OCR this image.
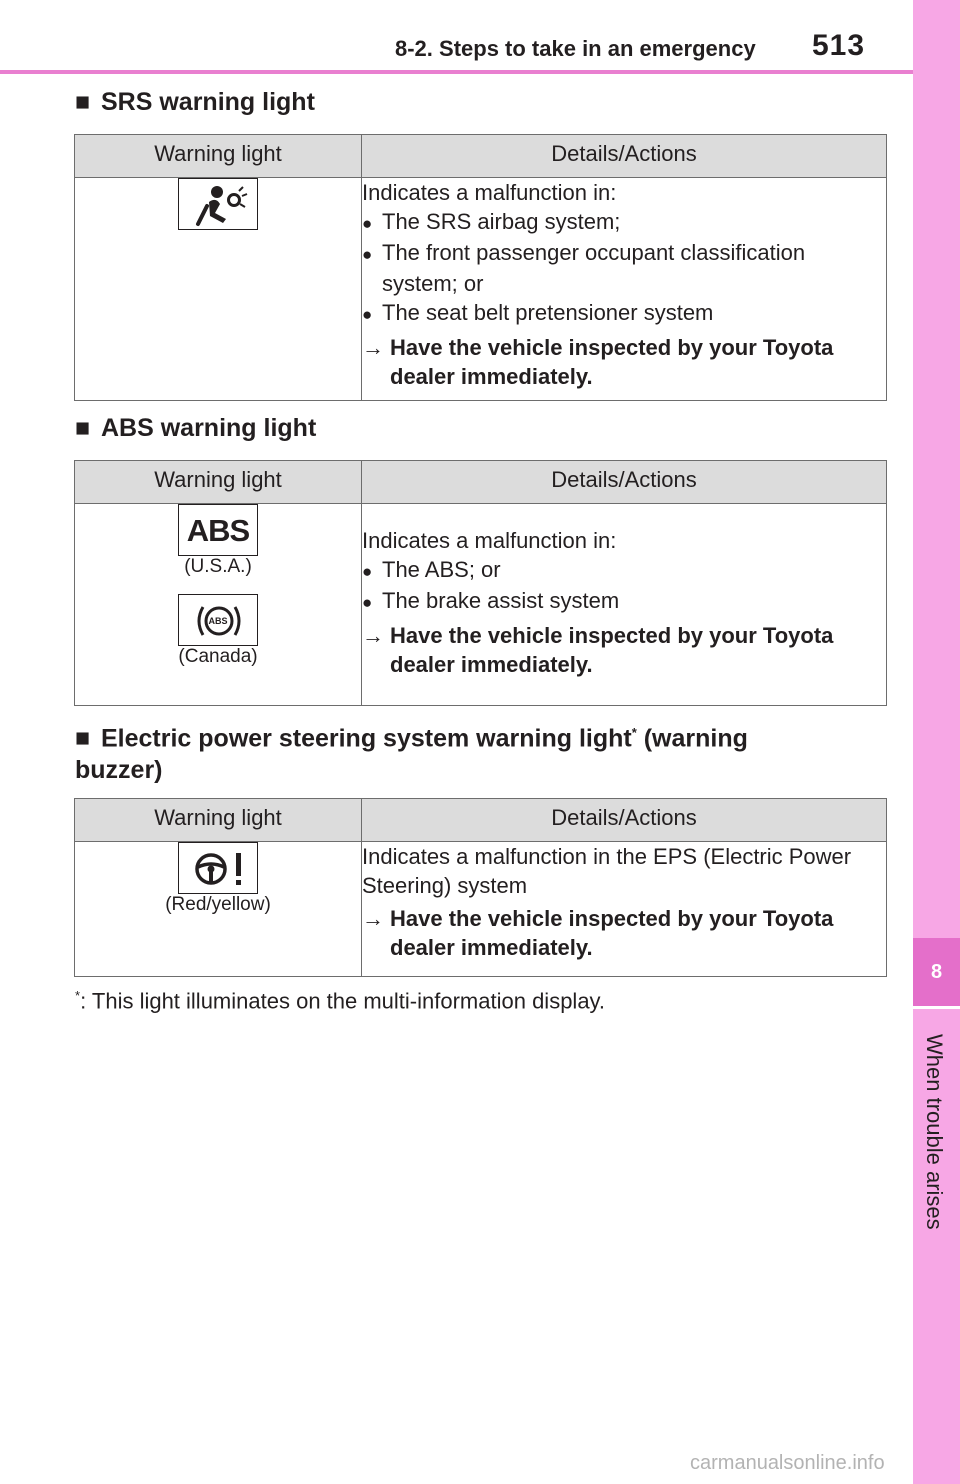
8-2. Steps to take in an emergency 513
8
When trouble arises
■ SRS warning light
Warning light	Details/Actions

	Indicates a malfunction in:
● The SRS airbag system;
● The front passenger occupant classification system; or
● The seat belt pretensioner system
→ Have the vehicle inspected by your Toyota dealer immediately.
■ ABS warning light
Warning light	Details/Actions

ABS
(U.S.A.)
ABS
(Canada)	Indicates a malfunction in:
● The ABS; or
● The brake assist system
→ Have the vehicle inspected by your Toyota dealer immediately.
■ Electric power steering system warning light* (warning buzzer)
Warning light	Details/Actions

(Red/yellow)	Indicates a malfunction in the EPS (Electric Power Steering) system
→ Have the vehicle inspected by your Toyota dealer immediately.
*: This light illuminates on the multi-information display.
carmanualsonline.info
